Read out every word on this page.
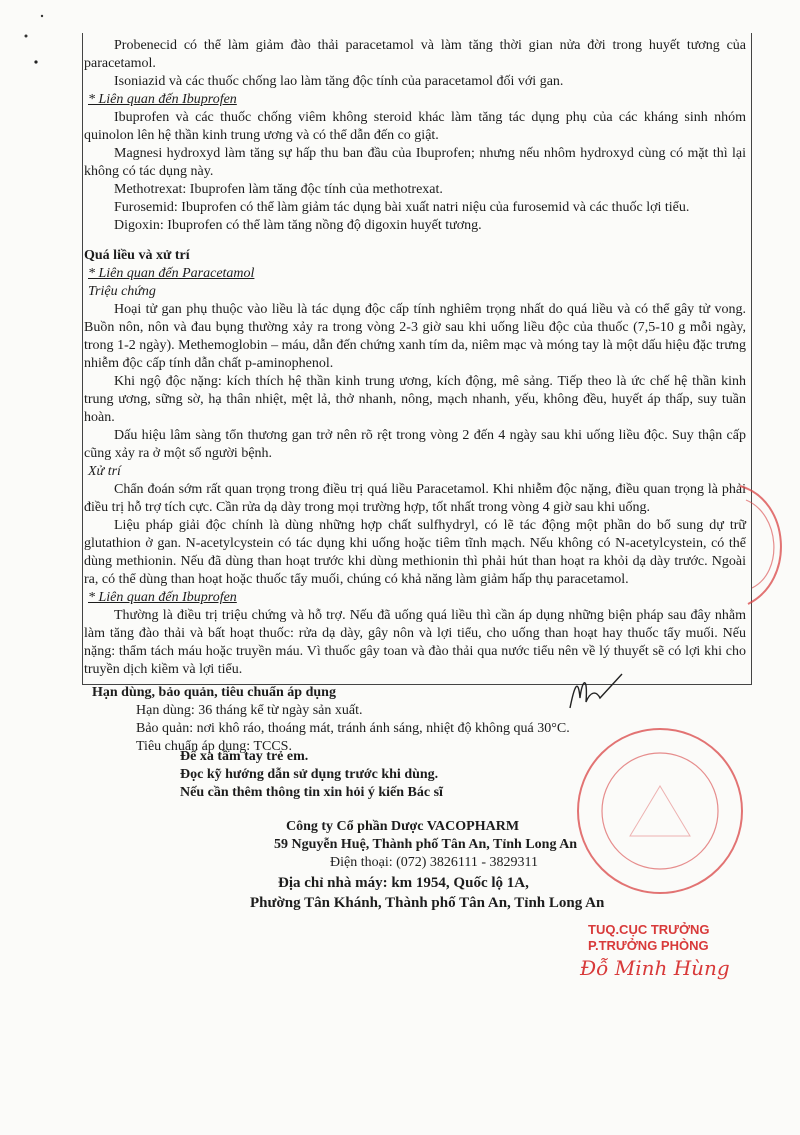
Probenecid có thể làm giảm đào thải paracetamol và làm tăng thời gian nửa đời trong huyết tương của paracetamol.

Isoniazid và các thuốc chống lao làm tăng độc tính của paracetamol đối với gan.

* Liên quan đến Ibuprofen

Ibuprofen và các thuốc chống viêm không steroid khác làm tăng tác dụng phụ của các kháng sinh nhóm quinolon lên hệ thần kinh trung ương và có thể dẫn đến co giật.

Magnesi hydroxyd làm tăng sự hấp thu ban đầu của Ibuprofen; nhưng nếu nhôm hydroxyd cùng có mặt thì lại không có tác dụng này.

Methotrexat: Ibuprofen làm tăng độc tính của methotrexat.

Furosemid: Ibuprofen có thể làm giảm tác dụng bài xuất natri niệu của furosemid và các thuốc lợi tiểu.

Digoxin: Ibuprofen có thể làm tăng nồng độ digoxin huyết tương.

Quá liều và xử trí

* Liên quan đến Paracetamol

Triệu chứng

Hoại tử gan phụ thuộc vào liều là tác dụng độc cấp tính nghiêm trọng nhất do quá liều và có thể gây tử vong. Buồn nôn, nôn và đau bụng thường xảy ra trong vòng 2-3 giờ sau khi uống liều độc của thuốc (7,5-10 g mỗi ngày, trong 1-2 ngày). Methemoglobin – máu, dẫn đến chứng xanh tím da, niêm mạc và móng tay là một dấu hiệu đặc trưng nhiễm độc cấp tính dẫn chất p-aminophenol.

Khi ngộ độc nặng: kích thích hệ thần kinh trung ương, kích động, mê sảng. Tiếp theo là ức chế hệ thần kinh trung ương, sững sờ, hạ thân nhiệt, mệt lả, thở nhanh, nông, mạch nhanh, yếu, không đều, huyết áp thấp, suy tuần hoàn.

Dấu hiệu lâm sàng tổn thương gan trở nên rõ rệt trong vòng 2 đến 4 ngày sau khi uống liều độc. Suy thận cấp cũng xảy ra ở một số người bệnh.

Xử trí

Chẩn đoán sớm rất quan trọng trong điều trị quá liều Paracetamol. Khi nhiễm độc nặng, điều quan trọng là phải điều trị hỗ trợ tích cực. Cần rửa dạ dày trong mọi trường hợp, tốt nhất trong vòng 4 giờ sau khi uống.

Liệu pháp giải độc chính là dùng những hợp chất sulfhydryl, có lẽ tác động một phần do bổ sung dự trữ glutathion ở gan. N-acetylcystein có tác dụng khi uống hoặc tiêm tĩnh mạch. Nếu không có N-acetylcystein, có thể dùng methionin. Nếu đã dùng than hoạt trước khi dùng methionin thì phải hút than hoạt ra khỏi dạ dày trước. Ngoài ra, có thể dùng than hoạt hoặc thuốc tẩy muối, chúng có khả năng làm giảm hấp thụ paracetamol.

* Liên quan đến Ibuprofen

Thường là điều trị triệu chứng và hỗ trợ. Nếu đã uống quá liều thì cần áp dụng những biện pháp sau đây nhằm làm tăng đào thải và bất hoạt thuốc: rửa dạ dày, gây nôn và lợi tiểu, cho uống than hoạt hay thuốc tẩy muối. Nếu nặng: thẩm tách máu hoặc truyền máu. Vì thuốc gây toan và đào thải qua nước tiểu nên về lý thuyết sẽ có lợi khi cho truyền dịch kiềm và lợi tiểu.

Hạn dùng, bảo quản, tiêu chuẩn áp dụng

Hạn dùng: 36 tháng kể từ ngày sản xuất.

Bảo quản: nơi khô ráo, thoáng mát, tránh ánh sáng, nhiệt độ không quá 30°C.

Tiêu chuẩn áp dụng: TCCS.

Để xa tầm tay trẻ em.

Đọc kỹ hướng dẫn sử dụng trước khi dùng.

Nếu cần thêm thông tin xin hỏi ý kiến Bác sĩ

Công ty Cổ phần Dược VACOPHARM

59 Nguyễn Huệ, Thành phố Tân An, Tỉnh Long An

Điện thoại: (072) 3826111 - 3829311

Địa chỉ nhà máy: km 1954, Quốc lộ 1A,

Phường Tân Khánh, Thành phố Tân An, Tỉnh Long An

TUQ.CỤC TRƯỞNG

P.TRƯỞNG PHÒNG

Đỗ Minh Hùng
